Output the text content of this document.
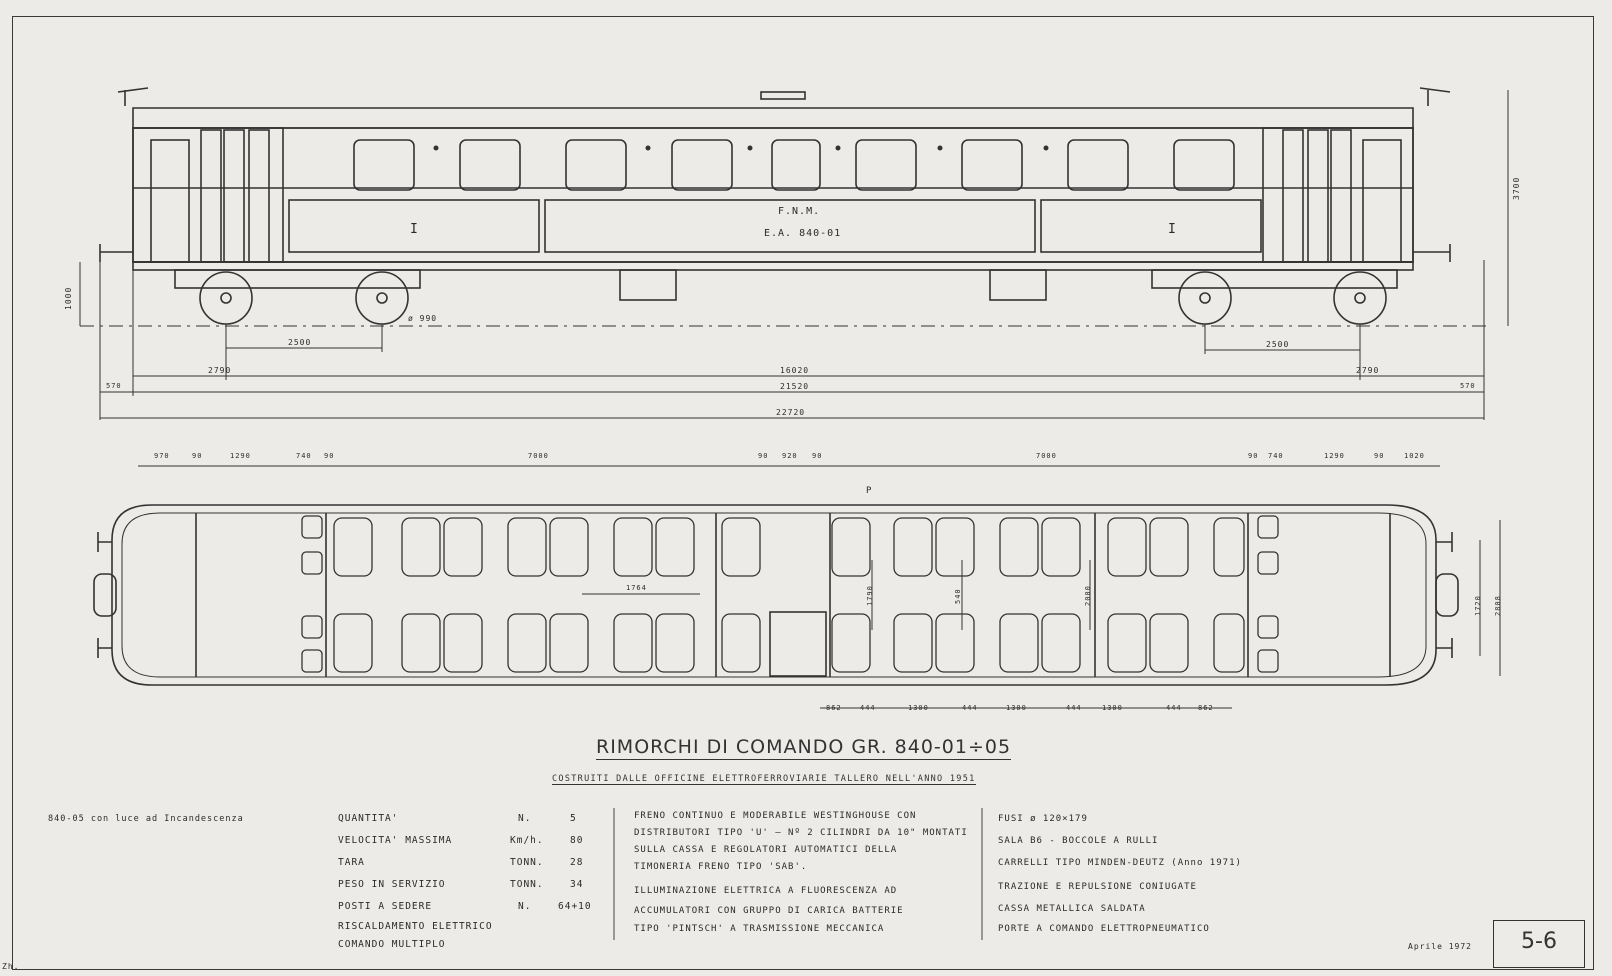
I	I
F.N.M.
E.A. 840-01
3700
1000
ø 990
2500	2500
2790	2790
16020
21520
570	570
22720
970	90	1290	740 90	7000	90 920 90	7000	90 740	1290	90	1020
862	444	1300	444	1300	444	1300	444 862
1764
540
1790	2000	1720 2808
P
RIMORCHI DI COMANDO GR. 840-01÷05
COSTRUITI DALLE OFFICINE ELETTROFERROVIARIE TALLERO NELL'ANNO 1951
840-05 con luce ad Incandescenza	QUANTITA'	N.	5
VELOCITA' MASSIMA	Km/h.	80
TARA	TONN.	28
PESO IN SERVIZIO	TONN.	34
POSTI A SEDERE	N.	64+10
RISCALDAMENTO ELETTRICO
COMANDO MULTIPLO
FRENO CONTINUO E MODERABILE WESTINGHOUSE CON
DISTRIBUTORI TIPO 'U' — Nº 2 CILINDRI DA 10" MONTATI
SULLA CASSA E REGOLATORI AUTOMATICI DELLA
TIMONERIA FRENO TIPO 'SAB'.
ILLUMINAZIONE ELETTRICA A FLUORESCENZA AD
ACCUMULATORI CON GRUPPO DI CARICA BATTERIE
TIPO 'PINTSCH' A TRASMISSIONE MECCANICA
FUSI ø 120×179
SALA B6 - BOCCOLE A RULLI
CARRELLI TIPO MINDEN-DEUTZ (Anno 1971)
TRAZIONE E REPULSIONE CONIUGATE
CASSA METALLICA SALDATA
PORTE A COMANDO ELETTROPNEUMATICO
Aprile 1972	5-6
Zh.
